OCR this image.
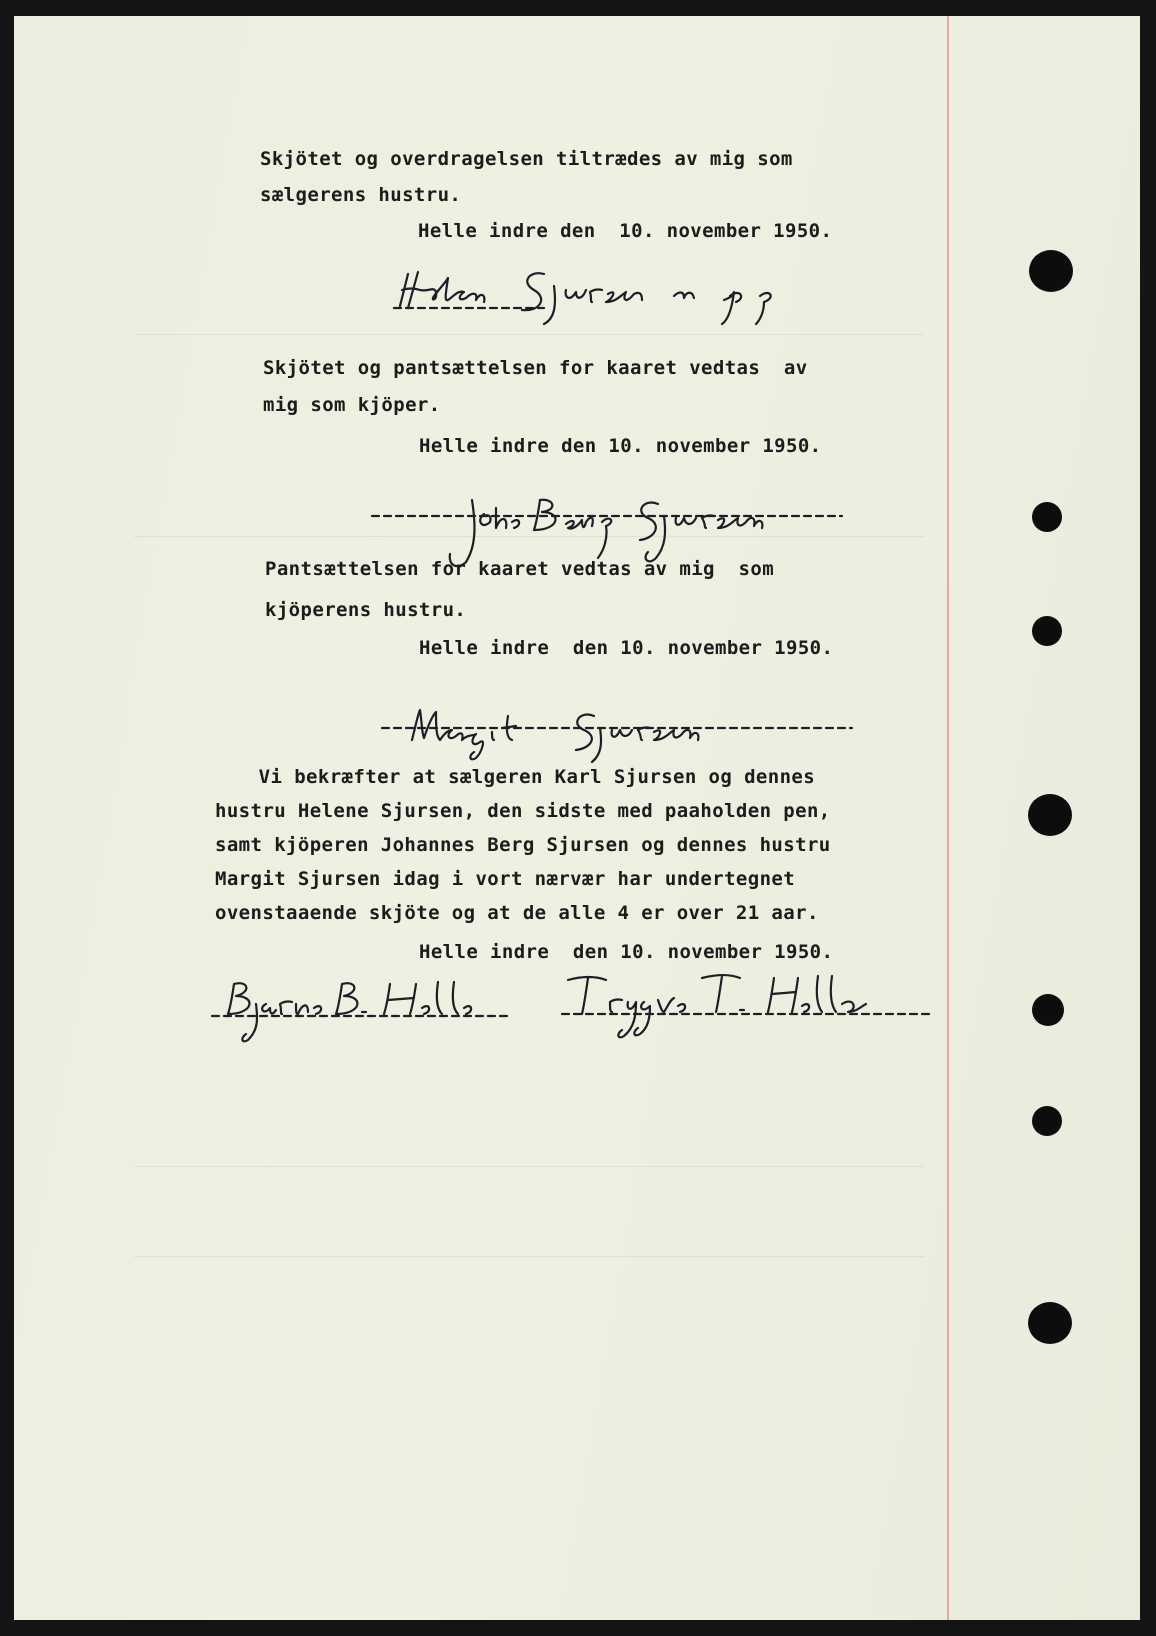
Skjötet og overdragelsen tiltrædes av mig som

sælgerens hustru.

Helle indre den  10. november 1950.

Skjötet og pantsættelsen for kaaret vedtas  av

mig som kjöper.

Helle indre den 10. november 1950.

Pantsættelsen for kaaret vedtas av mig  som

kjöperens hustru.

Helle indre  den 10. november 1950.

Vi bekræfter at sælgeren Karl Sjursen og dennes

hustru Helene Sjursen, den sidste med paaholden pen,

samt kjöperen Johannes Berg Sjursen og dennes hustru

Margit Sjursen idag i vort nærvær har undertegnet

ovenstaaende skjöte og at de alle 4 er over 21 aar.

Helle indre  den 10. november 1950.
